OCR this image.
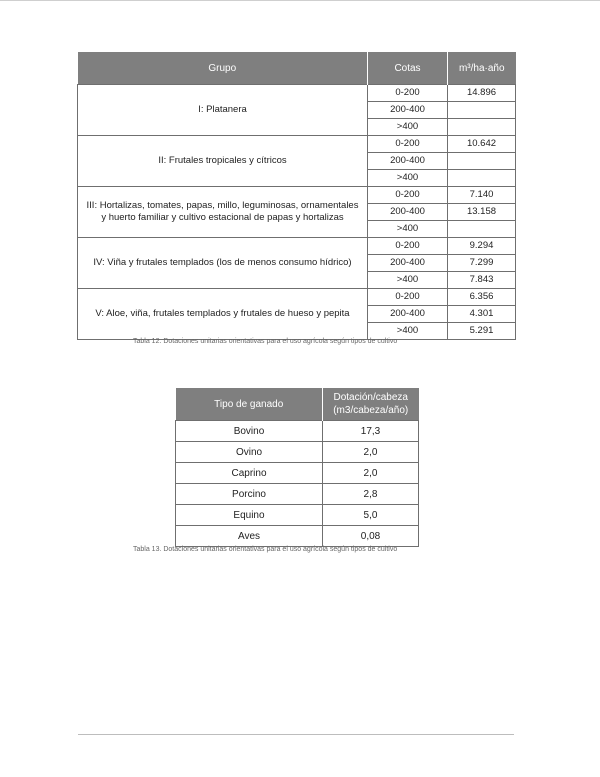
Grupo	Cotas	m³/ha·año
I: Platanera	0-200	14.896
	200-400	
	>400	
II: Frutales tropicales y cítricos	0-200	10.642
	200-400	
	>400	
III: Hortalizas, tomates, papas, millo, leguminosas, ornamentales y huerto familiar y cultivo estacional de papas y hortalizas	0-200	7.140
	200-400	13.158
	>400	
IV: Viña y frutales templados (los de menos consumo hídrico)	0-200	9.294
	200-400	7.299
	>400	7.843
V: Aloe, viña, frutales templados y frutales de hueso y pepita	0-200	6.356
	200-400	4.301
	>400	5.291
Tabla 12. Dotaciones unitarias orientativas para el uso agrícola según tipos de cultivo
Tipo de ganado	Dotación/cabeza
(m3/cabeza/año)
Bovino	17,3
Ovino	2,0
Caprino	2,0
Porcino	2,8
Equino	5,0
Aves	0,08
Tabla 13. Dotaciones unitarias orientativas para el uso agrícola según tipos de cultivo
